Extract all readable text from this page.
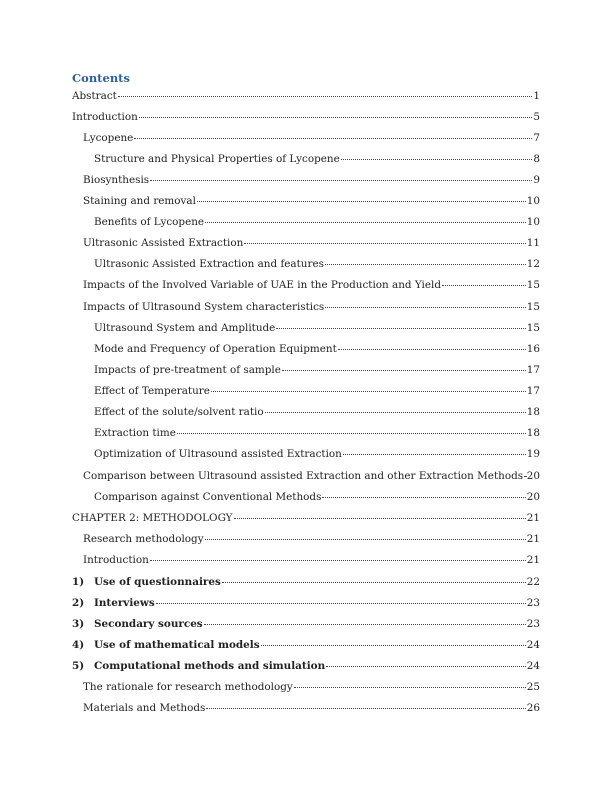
Contents
Abstract	1
Introduction	5
Lycopene	7
Structure and Physical Properties of Lycopene	8
Biosynthesis	9
Staining and removal	10
Benefits of Lycopene	10
Ultrasonic Assisted Extraction	11
Ultrasonic Assisted Extraction and features	12
Impacts of the Involved Variable of UAE in the Production and Yield	15
Impacts of Ultrasound System characteristics	15
Ultrasound System and Amplitude	15
Mode and Frequency of Operation Equipment	16
Impacts of pre-treatment of sample	17
Effect of Temperature	17
Effect of the solute/solvent ratio	18
Extraction time	18
Optimization of Ultrasound assisted Extraction	19
Comparison between Ultrasound assisted Extraction and other Extraction Methods 20
Comparison against Conventional Methods	20
CHAPTER 2: METHODOLOGY	21
Research methodology	21
Introduction	21
1) Use of questionnaires	22
2) Interviews	23
3) Secondary sources	23
4) Use of mathematical models	24
5) Computational methods and simulation	24
The rationale for research methodology	25
Materials and Methods	26
